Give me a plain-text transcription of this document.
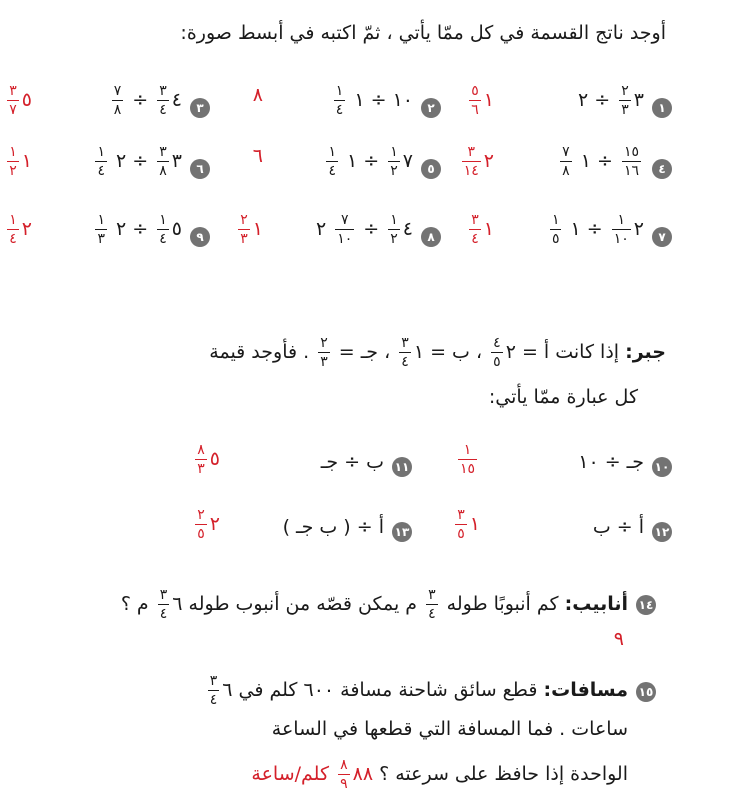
أوجد ناتج القسمة في كل ممّا يأتي ، ثمّ اكتبه في أبسط صورة:
١
٣
$\frac{٢}{٣}$
÷ ٢
١
$\frac{٥}{٦}$
٢
١٠ ÷ ١
$\frac{١}{٤}$
٨
٣
٤
$\frac{٣}{٤}$
÷
$\frac{٧}{٨}$
٥
$\frac{٣}{٧}$
٤
$\frac{١٥}{١٦}$
÷ ١
$\frac{٧}{٨}$
٢
$\frac{٣}{١٤}$
٥
٧
$\frac{١}{٢}$
÷ ١
$\frac{١}{٤}$
٦
٦
٣
$\frac{٣}{٨}$
÷ ٢
$\frac{١}{٤}$
١
$\frac{١}{٢}$
٧
٢
$\frac{١}{١٠}$
÷ ١
$\frac{١}{٥}$
١
$\frac{٣}{٤}$
٨
٤
$\frac{١}{٢}$
÷
$\frac{٧}{١٠}$
٢
١
$\frac{٢}{٣}$
٩
٥
$\frac{١}{٤}$
÷ ٢
$\frac{١}{٣}$
٢
$\frac{١}{٤}$
جبر: إذا كانت أ = ٢
$\frac{٤}{٥}$
، ب = ١
$\frac{٣}{٤}$
، جـ =
$\frac{٢}{٣}$
. فأوجد قيمة
كل عبارة ممّا يأتي:
١٠
جـ ÷ ١٠
$\frac{١}{١٥}$
١١
ب ÷ جـ
٥
$\frac{٨}{٣}$
١٢
أ ÷ ب
١
$\frac{٣}{٥}$
١٣
أ ÷ ( ب جـ )
٢
$\frac{٢}{٥}$
١٤
أنابيب: كم أنبوبًا طوله
$\frac{٣}{٤}$
م يمكن قصّه من أنبوب طوله ٦
$\frac{٣}{٤}$
م ؟
٩
١٥
مسافات: قطع سائق شاحنة مسافة ٦٠٠ كلم في ٦
$\frac{٣}{٤}$
ساعات . فما المسافة التي قطعها في الساعة
الواحدة إذا حافظ على سرعته ؟ ٨٨
$\frac{٨}{٩}$
كلم/ساعة
